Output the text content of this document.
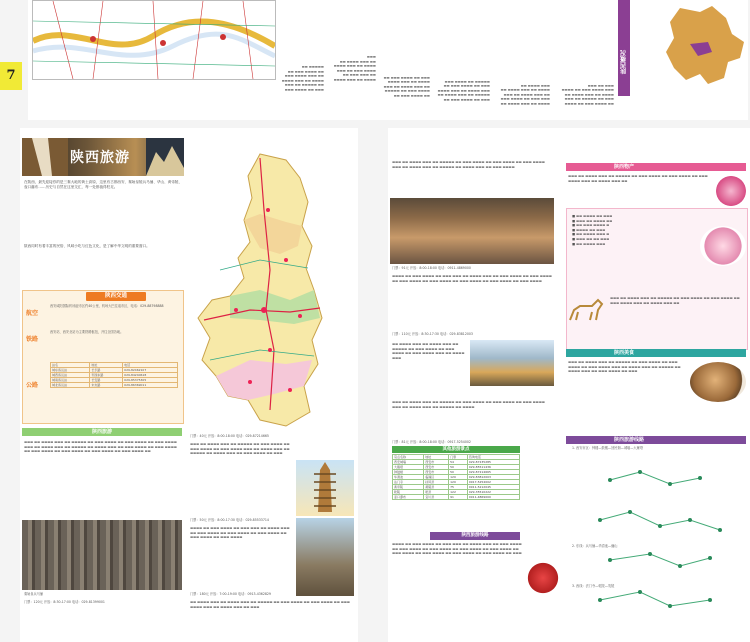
7
▬▬▬ ▬▬ ▬▬▬▬ ▬▬▬ ▬▬ ▬▬▬▬▬ ▬▬ ▬▬▬ ▬▬▬▬ ▬▬ ▬▬▬ ▬▬▬▬ ▬▬ ▬▬▬ ▬▬▬▬ ▬▬▬ ▬▬ ▬▬▬▬ ▬▬▬ ▬▬ ▬▬▬▬▬ ▬▬
▬▬▬▬ ▬▬ ▬▬▬ ▬▬▬▬ ▬▬ ▬▬▬ ▬▬▬ ▬▬ ▬▬▬▬ ▬▬▬ ▬▬ ▬▬▬ ▬▬▬▬ ▬▬ ▬▬▬ ▬▬▬▬ ▬▬ ▬▬▬ ▬▬▬▬ ▬▬ ▬▬▬
▬▬ ▬▬▬▬ ▬▬▬ ▬▬ ▬▬▬▬ ▬▬▬ ▬▬ ▬▬▬▬▬ ▬▬ ▬▬▬ ▬▬▬▬ ▬▬ ▬▬▬ ▬▬▬▬ ▬▬ ▬▬▬ ▬▬▬▬ ▬▬▬ ▬▬ ▬▬▬▬ ▬▬▬ ▬▬
▬▬▬ ▬▬ ▬▬▬▬ ▬▬▬ ▬▬ ▬▬▬▬▬ ▬▬ ▬▬▬ ▬▬▬▬ ▬▬ ▬▬▬ ▬▬▬▬ ▬▬ ▬▬▬ ▬▬▬▬ ▬▬▬ ▬▬ ▬▬▬▬ ▬▬▬ ▬▬ ▬▬▬▬▬ ▬▬ ▬▬▬▬ ▬▬▬
▬▬▬▬ ▬▬ ▬▬▬ ▬▬▬▬ ▬▬ ▬▬▬ ▬▬▬ ▬▬ ▬▬▬▬ ▬▬▬ ▬▬ ▬▬▬ ▬▬▬▬ ▬▬ ▬▬▬ ▬▬▬▬ ▬▬ ▬▬▬ ▬▬▬▬ ▬▬ ▬▬▬ ▬▬▬▬ ▬▬
▬▬ ▬▬▬▬ ▬▬▬ ▬▬ ▬▬▬▬ ▬▬▬ ▬▬ ▬▬▬▬▬ ▬▬ ▬▬▬ ▬▬▬▬ ▬▬ ▬▬▬ ▬▬▬▬ ▬▬ ▬▬▬ ▬▬▬▬ ▬▬▬ ▬▬ ▬▬▬▬ ▬▬▬ ▬▬ ▬▬▬
陕西概况
陕西旅游
在陕西，最先迎接你的是三秦大地的黄土高原，这里有古都西安、秦始皇陵兵马俑、华山、黄帝陵、壶口瀑布……历史与自然在这里交汇，每一处都值得驻足。
陕西同时有着丰富的民俗、风味小吃与红色文化，是了解中华文明的重要窗口。
陕西交通
航空
西安咸阳国际机场距市区约40公里，机场大巴往返市区，电话：029-88798888
铁路
西安站、西安北站为主要铁路枢纽，开往全国各地。
公路
站名	地址	电话
城东客运站	长乐路	029-82462107
城西客运站	枣园东路	029-84240618
城南客运站	长安路	029-85375305
城北客运站	未央路	029-86369011
陕西旅游
▬▬▬ ▬▬ ▬▬▬▬ ▬▬▬ ▬▬ ▬▬▬▬▬ ▬▬ ▬▬▬ ▬▬▬▬ ▬▬ ▬▬▬ ▬▬▬▬ ▬▬ ▬▬▬ ▬▬▬▬ ▬▬▬ ▬▬ ▬▬▬▬ ▬▬▬ ▬▬ ▬▬▬▬▬ ▬▬ ▬▬▬▬ ▬▬▬ ▬▬ ▬▬▬ ▬▬▬▬ ▬▬ ▬▬▬ ▬▬▬▬ ▬▬ ▬▬▬ ▬▬▬▬ ▬▬ ▬▬▬ ▬▬▬▬ ▬▬ ▬▬▬ ▬▬▬▬ ▬▬ ▬▬▬ ▬▬▬▬ ▬▬
秦始皇兵马俑
门票：120元 开放：8:30-17:00 电话：029-81399001
门票：40元 开放：8:00-18:00 电话：029-87214665
▬▬▬ ▬▬ ▬▬▬▬ ▬▬▬ ▬▬ ▬▬▬▬▬ ▬▬ ▬▬▬ ▬▬▬▬ ▬▬ ▬▬▬ ▬▬▬▬ ▬▬ ▬▬▬ ▬▬▬▬ ▬▬▬ ▬▬ ▬▬▬▬ ▬▬▬ ▬▬ ▬▬▬▬▬ ▬▬ ▬▬▬▬ ▬▬▬ ▬▬ ▬▬▬ ▬▬▬▬ ▬▬ ▬▬▬
门票：50元 开放：8:00-17:30 电话：029-85533714
▬▬▬▬ ▬▬ ▬▬▬ ▬▬▬▬ ▬▬ ▬▬▬ ▬▬▬ ▬▬ ▬▬▬▬ ▬▬▬ ▬▬ ▬▬▬ ▬▬▬▬ ▬▬ ▬▬▬ ▬▬▬▬ ▬▬ ▬▬▬ ▬▬▬▬ ▬▬ ▬▬▬ ▬▬▬▬ ▬▬ ▬▬▬ ▬▬▬▬
门票：180元 开放：7:00-19:00 电话：0913-4362829
▬▬ ▬▬▬▬ ▬▬▬ ▬▬ ▬▬▬▬ ▬▬▬ ▬▬ ▬▬▬▬▬ ▬▬ ▬▬▬ ▬▬▬▬ ▬▬ ▬▬▬ ▬▬▬▬ ▬▬ ▬▬▬ ▬▬▬▬ ▬▬▬ ▬▬ ▬▬▬▬ ▬▬▬ ▬▬ ▬▬▬
▬▬▬ ▬▬ ▬▬▬▬ ▬▬▬ ▬▬ ▬▬▬▬▬ ▬▬ ▬▬▬ ▬▬▬▬ ▬▬ ▬▬▬ ▬▬▬▬ ▬▬ ▬▬▬ ▬▬▬▬ ▬▬▬ ▬▬ ▬▬▬▬ ▬▬▬ ▬▬ ▬▬▬▬▬ ▬▬ ▬▬▬▬ ▬▬▬ ▬▬ ▬▬▬ ▬▬▬▬
门票：91元 开放：8:00-18:00 电话：0911-4869000
▬▬▬▬ ▬▬ ▬▬▬ ▬▬▬▬ ▬▬ ▬▬▬ ▬▬▬ ▬▬ ▬▬▬▬ ▬▬▬ ▬▬ ▬▬▬ ▬▬▬▬ ▬▬ ▬▬▬ ▬▬▬▬ ▬▬ ▬▬▬ ▬▬▬▬ ▬▬ ▬▬▬ ▬▬▬▬ ▬▬ ▬▬▬ ▬▬▬▬ ▬▬ ▬▬▬ ▬▬▬▬ ▬▬ ▬▬▬ ▬▬▬▬
门票：110元 开放：8:30-17:30 电话：029-83812003
▬▬ ▬▬▬▬ ▬▬▬ ▬▬ ▬▬▬▬ ▬▬▬ ▬▬ ▬▬▬▬▬ ▬▬ ▬▬▬ ▬▬▬▬ ▬▬ ▬▬▬ ▬▬▬▬ ▬▬ ▬▬▬ ▬▬▬▬ ▬▬▬ ▬▬ ▬▬▬▬ ▬▬▬
▬▬▬ ▬▬ ▬▬▬▬ ▬▬▬ ▬▬ ▬▬▬▬▬ ▬▬ ▬▬▬ ▬▬▬▬ ▬▬ ▬▬▬ ▬▬▬▬ ▬▬ ▬▬▬ ▬▬▬▬ ▬▬▬ ▬▬ ▬▬▬▬ ▬▬▬ ▬▬ ▬▬▬▬▬ ▬▬ ▬▬▬▬
门票：81元 开放：8:00-18:00 电话：0917-5254002
其他旅游景点
景点名称	地址	门票	咨询电话
西安城墙	西安市	54	029-87235285
大雁塔	西安市	50	029-85511436
钟鼓楼	西安市	50	029-87214665
华清池	临潼区	120	029-83812003
法门寺	扶风县	120	0917-5254002
黄帝陵	黄陵县	75	0911-5212045
乾陵	乾县	122	029-35510222
壶口瀑布	宜川县	91	0911-4869000
陕西旅游线路
▬▬▬▬ ▬▬ ▬▬▬ ▬▬▬▬ ▬▬ ▬▬▬ ▬▬▬ ▬▬ ▬▬▬▬ ▬▬▬ ▬▬ ▬▬▬ ▬▬▬▬ ▬▬ ▬▬▬ ▬▬▬▬ ▬▬ ▬▬▬ ▬▬▬▬ ▬▬ ▬▬▬ ▬▬▬▬ ▬▬ ▬▬▬ ▬▬▬▬ ▬▬ ▬▬▬ ▬▬▬▬ ▬▬ ▬▬▬ ▬▬▬▬ ▬▬ ▬▬▬ ▬▬▬▬ ▬▬ ▬▬▬ ▬▬▬▬ ▬▬ ▬▬▬
陕西物产
▬▬▬ ▬▬ ▬▬▬▬ ▬▬▬ ▬▬ ▬▬▬▬▬ ▬▬ ▬▬▬ ▬▬▬▬ ▬▬ ▬▬▬ ▬▬▬▬ ▬▬ ▬▬▬ ▬▬▬▬ ▬▬▬ ▬▬ ▬▬▬▬ ▬▬▬ ▬▬
■ ▬▬ ▬▬▬▬ ▬▬ ▬▬▬
■ ▬▬▬ ▬▬ ▬▬▬▬ ▬▬
■ ▬▬ ▬▬▬ ▬▬▬▬ ▬
■ ▬▬▬▬ ▬▬ ▬▬▬
■ ▬▬ ▬▬▬▬ ▬▬▬ ▬
■ ▬▬▬ ▬▬ ▬▬ ▬▬▬
■ ▬▬ ▬▬▬▬ ▬▬▬
▬▬▬ ▬▬ ▬▬▬▬ ▬▬▬ ▬▬ ▬▬▬▬▬ ▬▬ ▬▬▬ ▬▬▬▬ ▬▬ ▬▬▬ ▬▬▬▬ ▬▬ ▬▬▬ ▬▬▬▬ ▬▬▬ ▬▬ ▬▬▬▬ ▬▬▬ ▬▬
陕西美食
▬▬▬ ▬▬ ▬▬▬▬ ▬▬▬ ▬▬ ▬▬▬▬▬ ▬▬ ▬▬▬ ▬▬▬▬ ▬▬ ▬▬▬ ▬▬▬▬ ▬▬ ▬▬▬ ▬▬▬▬ ▬▬▬ ▬▬ ▬▬▬▬ ▬▬▬ ▬▬ ▬▬▬▬▬ ▬▬ ▬▬▬▬ ▬▬▬ ▬▬ ▬▬▬ ▬▬▬▬ ▬▬ ▬▬▬
陕西旅游线路
1. 西安市区：钟楼—鼓楼—回民街—城墙—大雁塔
2. 东线：兵马俑—华清池—骊山
3. 西线：法门寺—乾陵—茂陵
